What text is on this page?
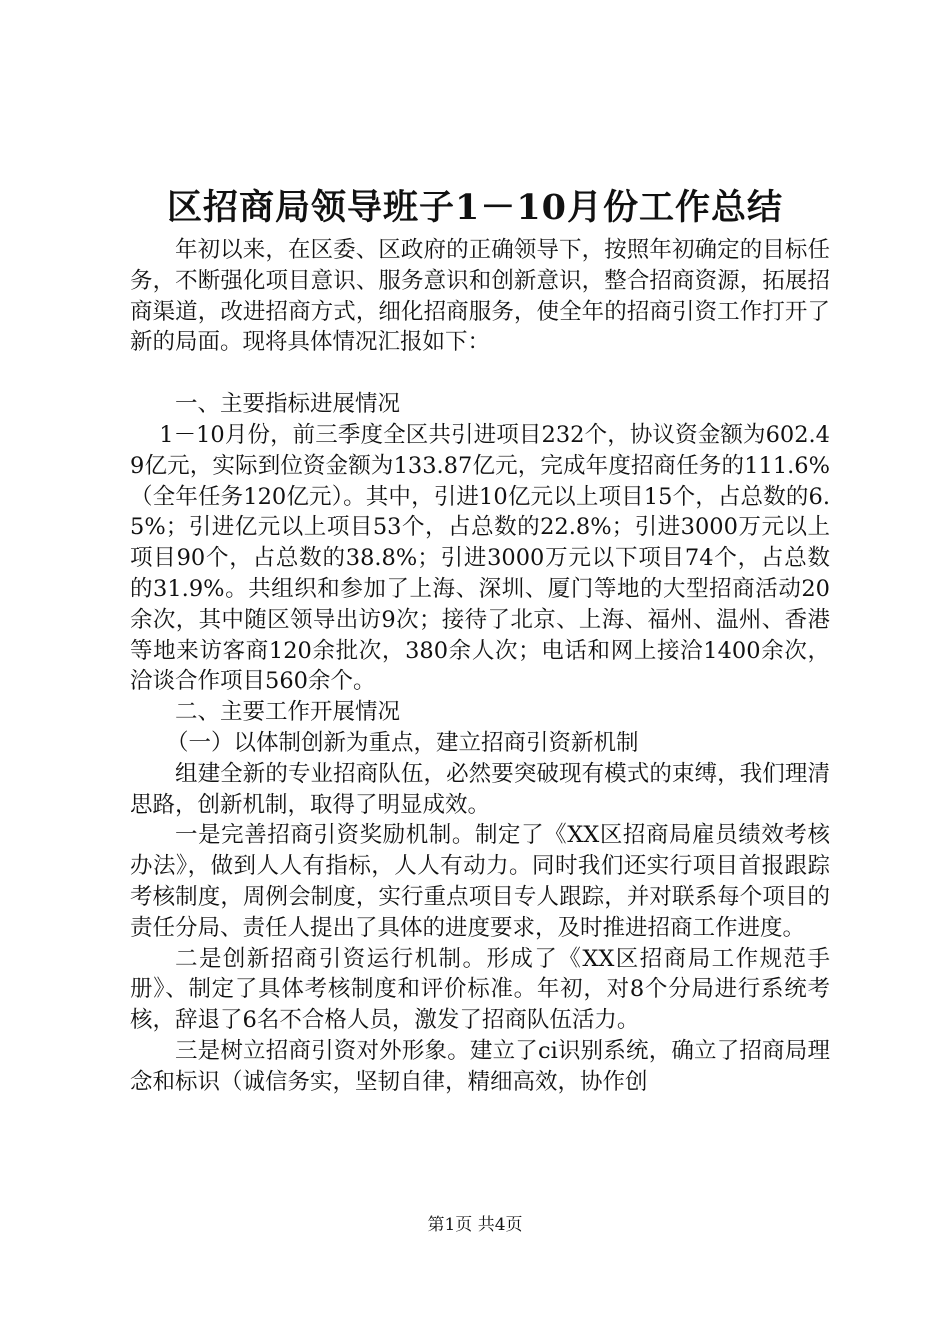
区招商局领导班子1－10月份工作总结

年初以来，在区委、区政府的正确领导下，按照年初确定的目标任务，不断强化项目意识、服务意识和创新意识，整合招商资源，拓展招商渠道，改进招商方式，细化招商服务，使全年的招商引资工作打开了新的局面。现将具体情况汇报如下：

一、主要指标进展情况

1－10月份，前三季度全区共引进项目232个，协议资金额为602.49亿元，实际到位资金额为133.87亿元，完成年度招商任务的111.6%（全年任务120亿元）。其中，引进10亿元以上项目15个，占总数的6.5%；引进亿元以上项目53个，占总数的22.8%；引进3000万元以上项目90个，占总数的38.8%；引进3000万元以下项目74个，占总数的31.9%。共组织和参加了上海、深圳、厦门等地的大型招商活动20余次，其中随区领导出访9次；接待了北京、上海、福州、温州、香港等地来访客商120余批次，380余人次；电话和网上接洽1400余次，洽谈合作项目560余个。

二、主要工作开展情况

（一）以体制创新为重点，建立招商引资新机制

组建全新的专业招商队伍，必然要突破现有模式的束缚，我们理清思路，创新机制，取得了明显成效。

一是完善招商引资奖励机制。制定了《XX区招商局雇员绩效考核办法》，做到人人有指标，人人有动力。同时我们还实行项目首报跟踪考核制度，周例会制度，实行重点项目专人跟踪，并对联系每个项目的责任分局、责任人提出了具体的进度要求，及时推进招商工作进度。

二是创新招商引资运行机制。形成了《XX区招商局工作规范手册》、制定了具体考核制度和评价标准。年初，对8个分局进行系统考核，辞退了6名不合格人员，激发了招商队伍活力。

三是树立招商引资对外形象。建立了ci识别系统，确立了招商局理念和标识（诚信务实，坚韧自律，精细高效，协作创

第1页 共4页
